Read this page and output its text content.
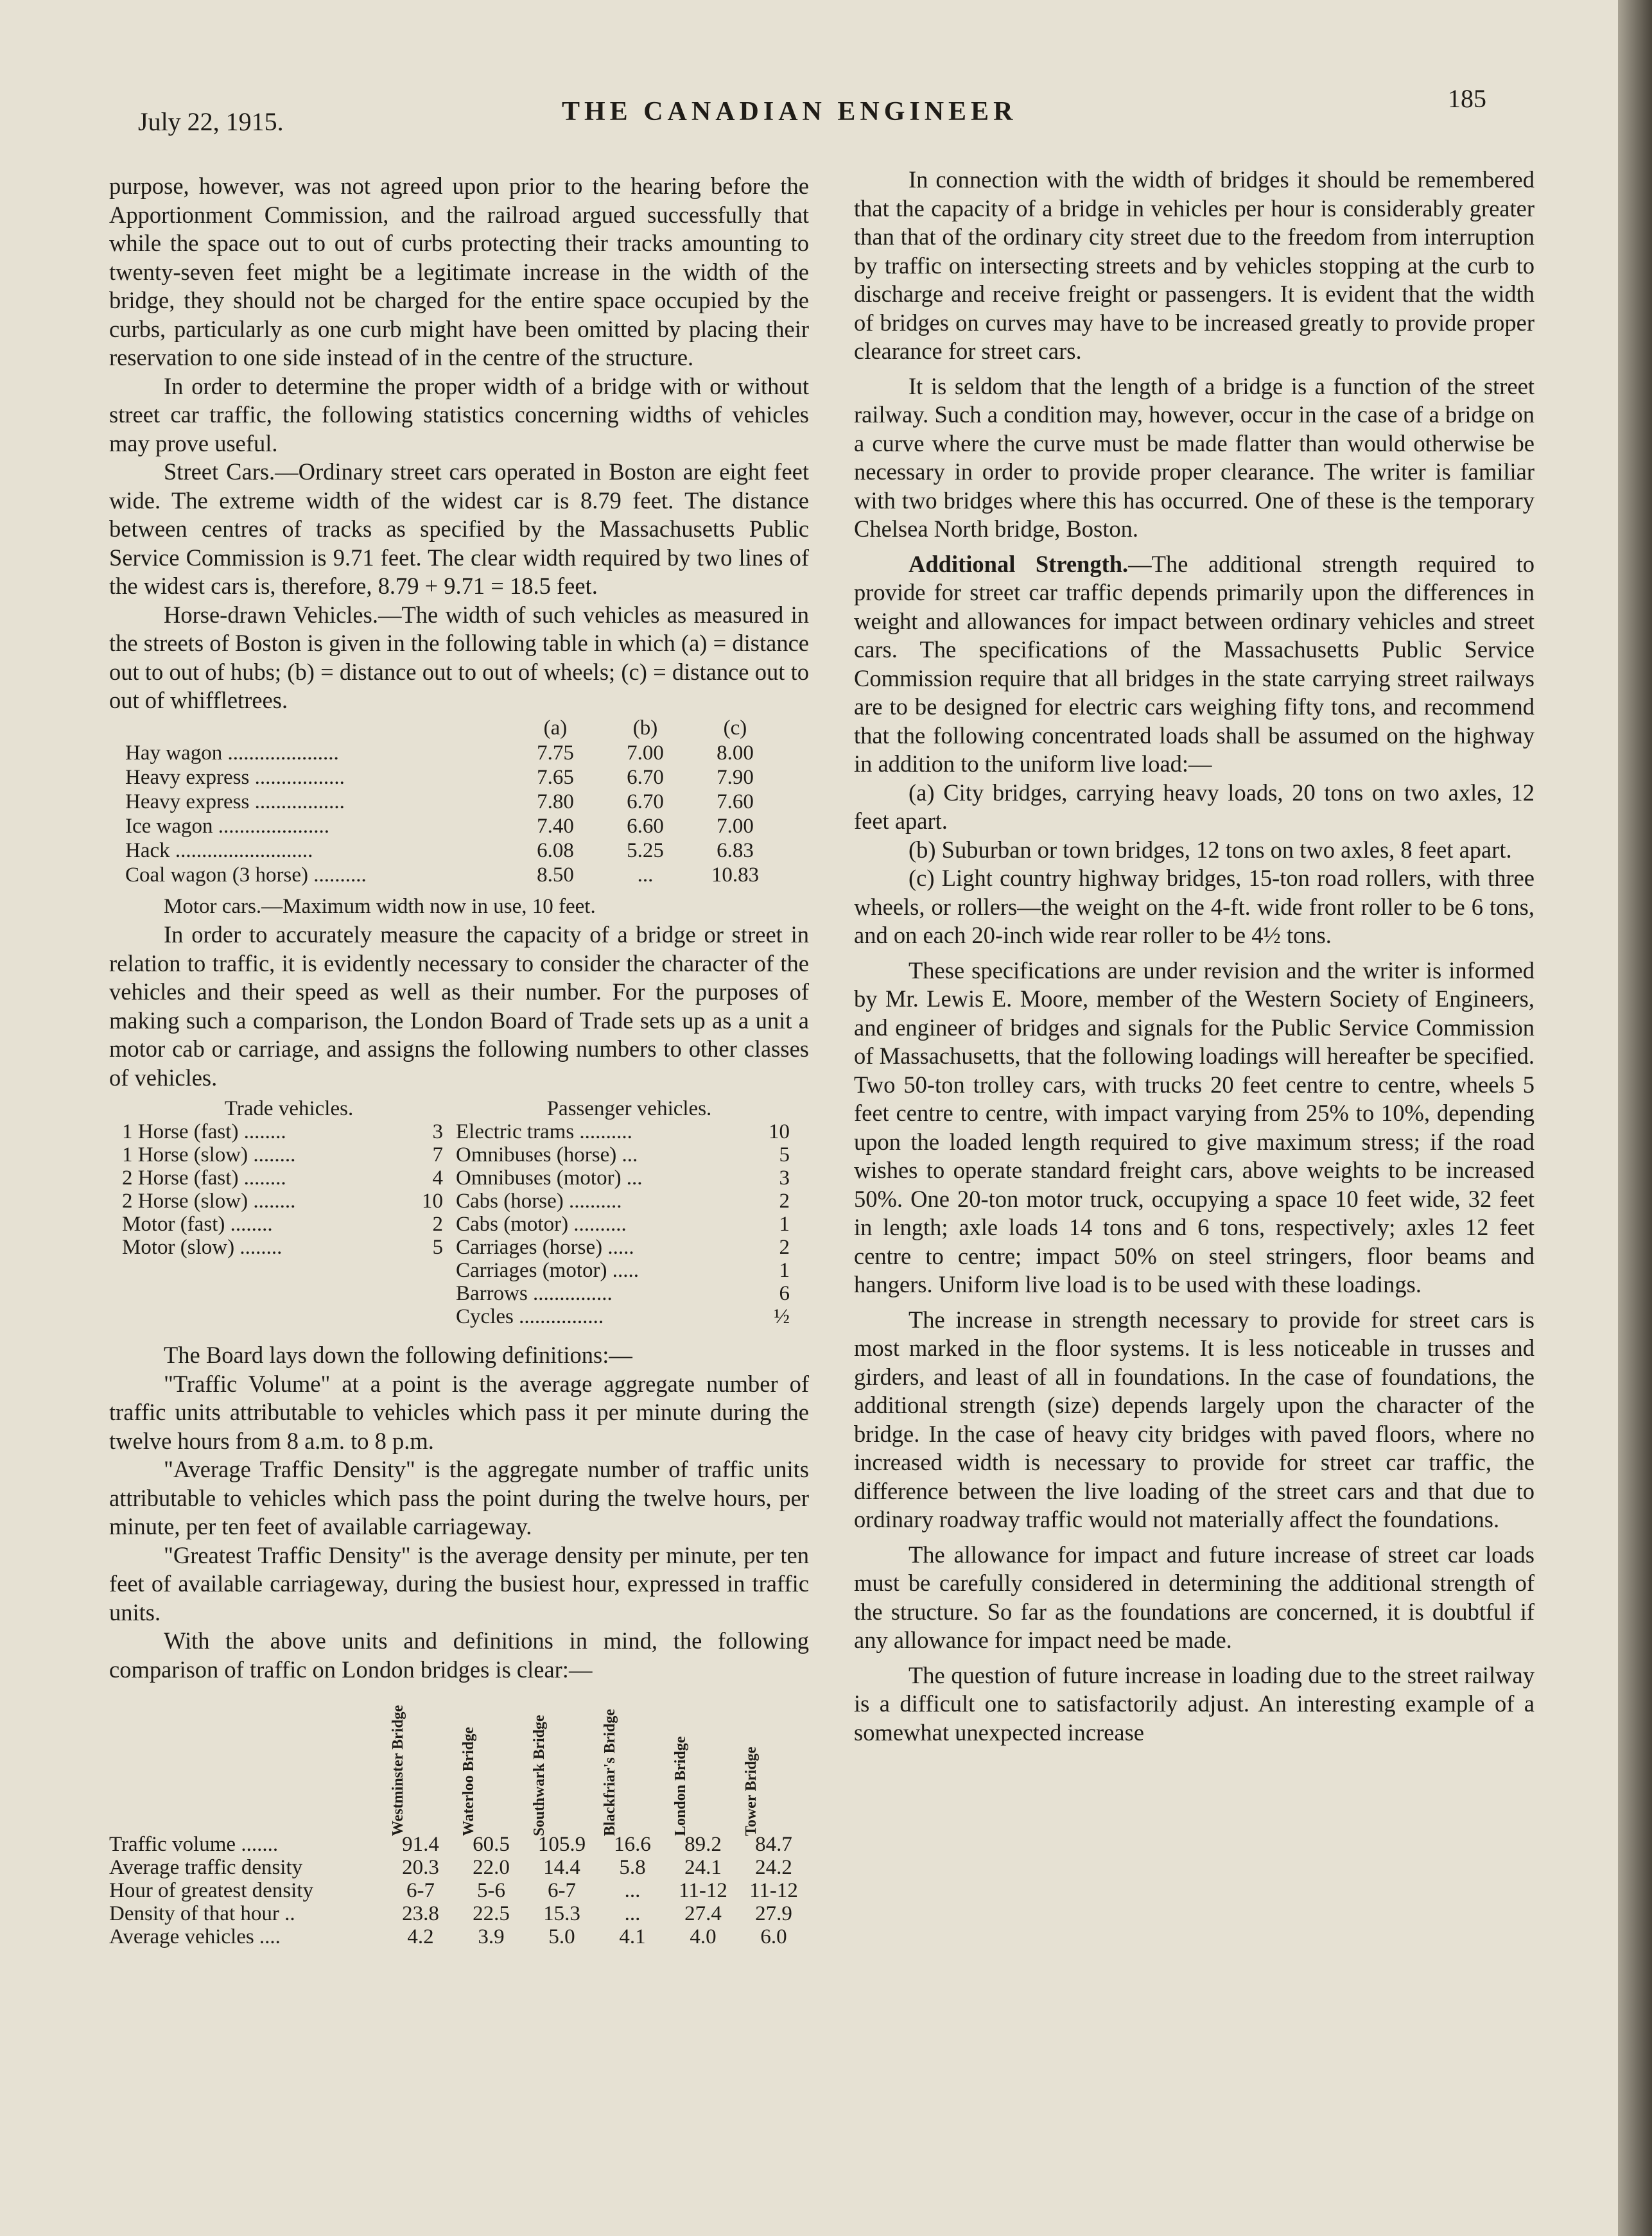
July 22, 1915.	THE CANADIAN ENGINEER	185

purpose, however, was not agreed upon prior to the hearing before the Apportionment Commission, and the railroad argued successfully that while the space out to out of curbs protecting their tracks amounting to twenty-seven feet might be a legitimate increase in the width of the bridge, they should not be charged for the entire space occupied by the curbs, particularly as one curb might have been omitted by placing their reservation to one side instead of in the centre of the structure.

In order to determine the proper width of a bridge with or without street car traffic, the following statistics concerning widths of vehicles may prove useful.

Street Cars.—Ordinary street cars operated in Boston are eight feet wide. The extreme width of the widest car is 8.79 feet. The distance between centres of tracks as specified by the Massachusetts Public Service Commission is 9.71 feet. The clear width required by two lines of the widest cars is, therefore, 8.79 + 9.71 = 18.5 feet.

Horse-drawn Vehicles.—The width of such vehicles as measured in the streets of Boston is given in the following table in which (a) = distance out to out of hubs; (b) = distance out to out of wheels; (c) = distance out to out of whiffletrees.

	(a)	(b)	(c)
Hay wagon .....................	7.75	7.00	8.00
Heavy express .................	7.65	6.70	7.90
Heavy express .................	7.80	6.70	7.60
Ice wagon .....................	7.40	6.60	7.00
Hack ..........................	6.08	5.25	6.83
Coal wagon (3 horse) ..........	8.50	...	10.83

Motor cars.—Maximum width now in use, 10 feet.

In order to accurately measure the capacity of a bridge or street in relation to traffic, it is evidently necessary to consider the character of the vehicles and their speed as well as their number. For the purposes of making such a comparison, the London Board of Trade sets up as a unit a motor cab or carriage, and assigns the following numbers to other classes of vehicles.

Trade vehicles.
1 Horse (fast) ........	3
1 Horse (slow) ........	7
2 Horse (fast) ........	4
2 Horse (slow) ........	10
Motor (fast) ........	2
Motor (slow) ........	5
Passenger vehicles.
Electric trams ..........	10
Omnibuses (horse) ...	5
Omnibuses (motor) ...	3
Cabs (horse) ..........	2
Cabs (motor) ..........	1
Carriages (horse) .....	2
Carriages (motor) .....	1
Barrows ...............	6
Cycles ................	½

The Board lays down the following definitions:—

"Traffic Volume" at a point is the average aggregate number of traffic units attributable to vehicles which pass it per minute during the twelve hours from 8 a.m. to 8 p.m.

"Average Traffic Density" is the aggregate number of traffic units attributable to vehicles which pass the point during the twelve hours, per minute, per ten feet of available carriageway.

"Greatest Traffic Density" is the average density per minute, per ten feet of available carriageway, during the busiest hour, expressed in traffic units.

With the above units and definitions in mind, the following comparison of traffic on London bridges is clear:—

	Westminster Bridge	Waterloo Bridge	Southwark Bridge	Blackfriar's Bridge	London Bridge	Tower Bridge
Traffic volume .......	91.4	60.5	105.9	16.6	89.2	84.7
Average traffic density	20.3	22.0	14.4	5.8	24.1	24.2
Hour of greatest density	6-7	5-6	6-7	...	11-12	11-12
Density of that hour ..	23.8	22.5	15.3	...	27.4	27.9
Average vehicles ....	4.2	3.9	5.0	4.1	4.0	6.0

In connection with the width of bridges it should be remembered that the capacity of a bridge in vehicles per hour is considerably greater than that of the ordinary city street due to the freedom from interruption by traffic on intersecting streets and by vehicles stopping at the curb to discharge and receive freight or passengers. It is evident that the width of bridges on curves may have to be increased greatly to provide proper clearance for street cars.

It is seldom that the length of a bridge is a function of the street railway. Such a condition may, however, occur in the case of a bridge on a curve where the curve must be made flatter than would otherwise be necessary in order to provide proper clearance. The writer is familiar with two bridges where this has occurred. One of these is the temporary Chelsea North bridge, Boston.

Additional Strength.—The additional strength required to provide for street car traffic depends primarily upon the differences in weight and allowances for impact between ordinary vehicles and street cars. The specifications of the Massachusetts Public Service Commission require that all bridges in the state carrying street railways are to be designed for electric cars weighing fifty tons, and recommend that the following concentrated loads shall be assumed on the highway in addition to the uniform live load:—

(a) City bridges, carrying heavy loads, 20 tons on two axles, 12 feet apart.

(b) Suburban or town bridges, 12 tons on two axles, 8 feet apart.

(c) Light country highway bridges, 15-ton road rollers, with three wheels, or rollers—the weight on the 4-ft. wide front roller to be 6 tons, and on each 20-inch wide rear roller to be 4½ tons.

These specifications are under revision and the writer is informed by Mr. Lewis E. Moore, member of the Western Society of Engineers, and engineer of bridges and signals for the Public Service Commission of Massachusetts, that the following loadings will hereafter be specified. Two 50-ton trolley cars, with trucks 20 feet centre to centre, wheels 5 feet centre to centre, with impact varying from 25% to 10%, depending upon the loaded length required to give maximum stress; if the road wishes to operate standard freight cars, above weights to be increased 50%. One 20-ton motor truck, occupying a space 10 feet wide, 32 feet in length; axle loads 14 tons and 6 tons, respectively; axles 12 feet centre to centre; impact 50% on steel stringers, floor beams and hangers. Uniform live load is to be used with these loadings.

The increase in strength necessary to provide for street cars is most marked in the floor systems. It is less noticeable in trusses and girders, and least of all in foundations. In the case of foundations, the additional strength (size) depends largely upon the character of the bridge. In the case of heavy city bridges with paved floors, where no increased width is necessary to provide for street car traffic, the difference between the live loading of the street cars and that due to ordinary roadway traffic would not materially affect the foundations.

The allowance for impact and future increase of street car loads must be carefully considered in determining the additional strength of the structure. So far as the foundations are concerned, it is doubtful if any allowance for impact need be made.

The question of future increase in loading due to the street railway is a difficult one to satisfactorily adjust. An interesting example of a somewhat unexpected increase
